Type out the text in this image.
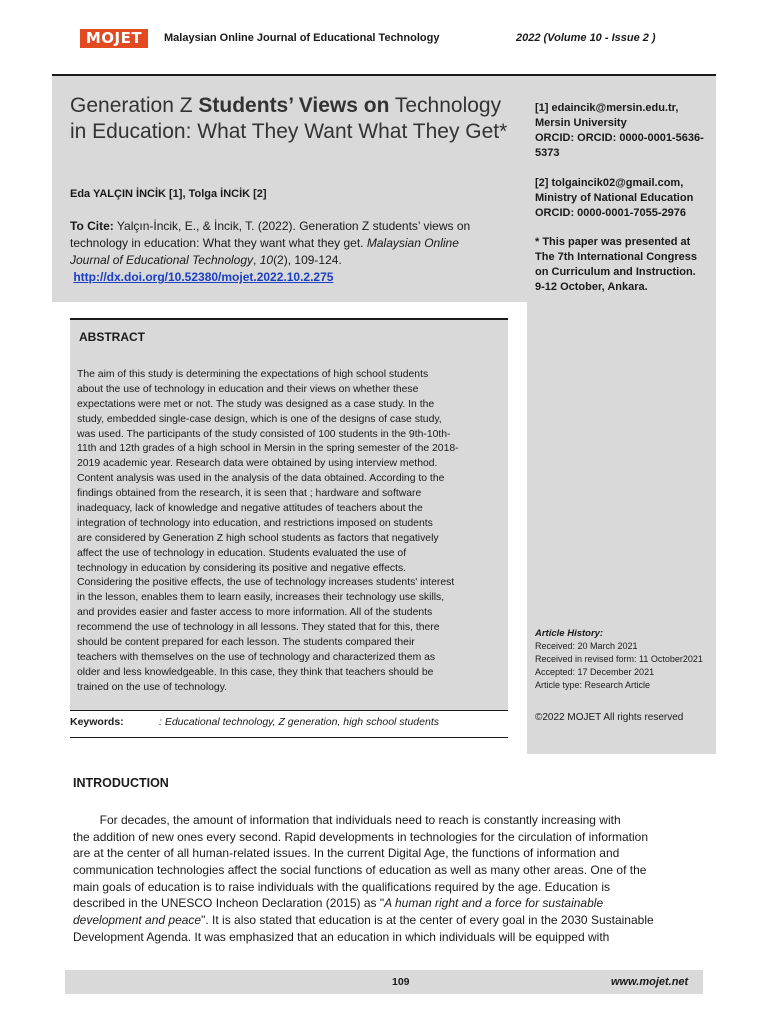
MOJET	Malaysian Online Journal of Educational Technology	2022 (Volume 10 - Issue 2 )
Generation Z Students’ Views on Technology in Education: What They Want What They Get*
Eda YALÇIN İNCİK [1], Tolga İNCİK [2]
To Cite: Yalçın-İncik, E., & İncik, T. (2022). Generation Z students’ views on
technology in education: What they want what they get. Malaysian Online
Journal of Educational Technology, 10(2), 109-124.
http://dx.doi.org/10.52380/mojet.2022.10.2.275
[1] edaincik@mersin.edu.tr,
Mersin University
ORCID: ORCID: 0000-0001-5636-
5373
[2] tolgaincik02@gmail.com,
Ministry of National Education
ORCID: 0000-0001-7055-2976
* This paper was presented at
The 7th International Congress
on Curriculum and Instruction.
9-12 October, Ankara.
Article History:
Received: 20 March 2021
Received in revised form: 11 October2021
Accepted: 17 December 2021
Article type: Research Article
©2022 MOJET All rights reserved
ABSTRACT
The aim of this study is determining the expectations of high school students
about the use of technology in education and their views on whether these
expectations were met or not. The study was designed as a case study. In the
study, embedded single-case design, which is one of the designs of case study,
was used. The participants of the study consisted of 100 students in the 9th-10th-
11th and 12th grades of a high school in Mersin in the spring semester of the 2018-
2019 academic year. Research data were obtained by using interview method.
Content analysis was used in the analysis of the data obtained. According to the
findings obtained from the research, it is seen that ; hardware and software
inadequacy, lack of knowledge and negative attitudes of teachers about the
integration of technology into education, and restrictions imposed on students
are considered by Generation Z high school students as factors that negatively
affect the use of technology in education. Students evaluated the use of
technology in education by considering its positive and negative effects.
Considering the positive effects, the use of technology increases students' interest
in the lesson, enables them to learn easily, increases their technology use skills,
and provides easier and faster access to more information. All of the students
recommend the use of technology in all lessons. They stated that for this, there
should be content prepared for each lesson. The students compared their
teachers with themselves on the use of technology and characterized them as
older and less knowledgeable. In this case, they think that teachers should be
trained on the use of technology.
Keywords:	: Educational technology, Z generation, high school students
INTRODUCTION
For decades, the amount of information that individuals need to reach is constantly increasing with
the addition of new ones every second. Rapid developments in technologies for the circulation of information
are at the center of all human-related issues. In the current Digital Age, the functions of information and
communication technologies affect the social functions of education as well as many other areas. One of the
main goals of education is to raise individuals with the qualifications required by the age. Education is
described in the UNESCO Incheon Declaration (2015) as "A human right and a force for sustainable
development and peace". It is also stated that education is at the center of every goal in the 2030 Sustainable
Development Agenda. It was emphasized that an education in which individuals will be equipped with
109	www.mojet.net
